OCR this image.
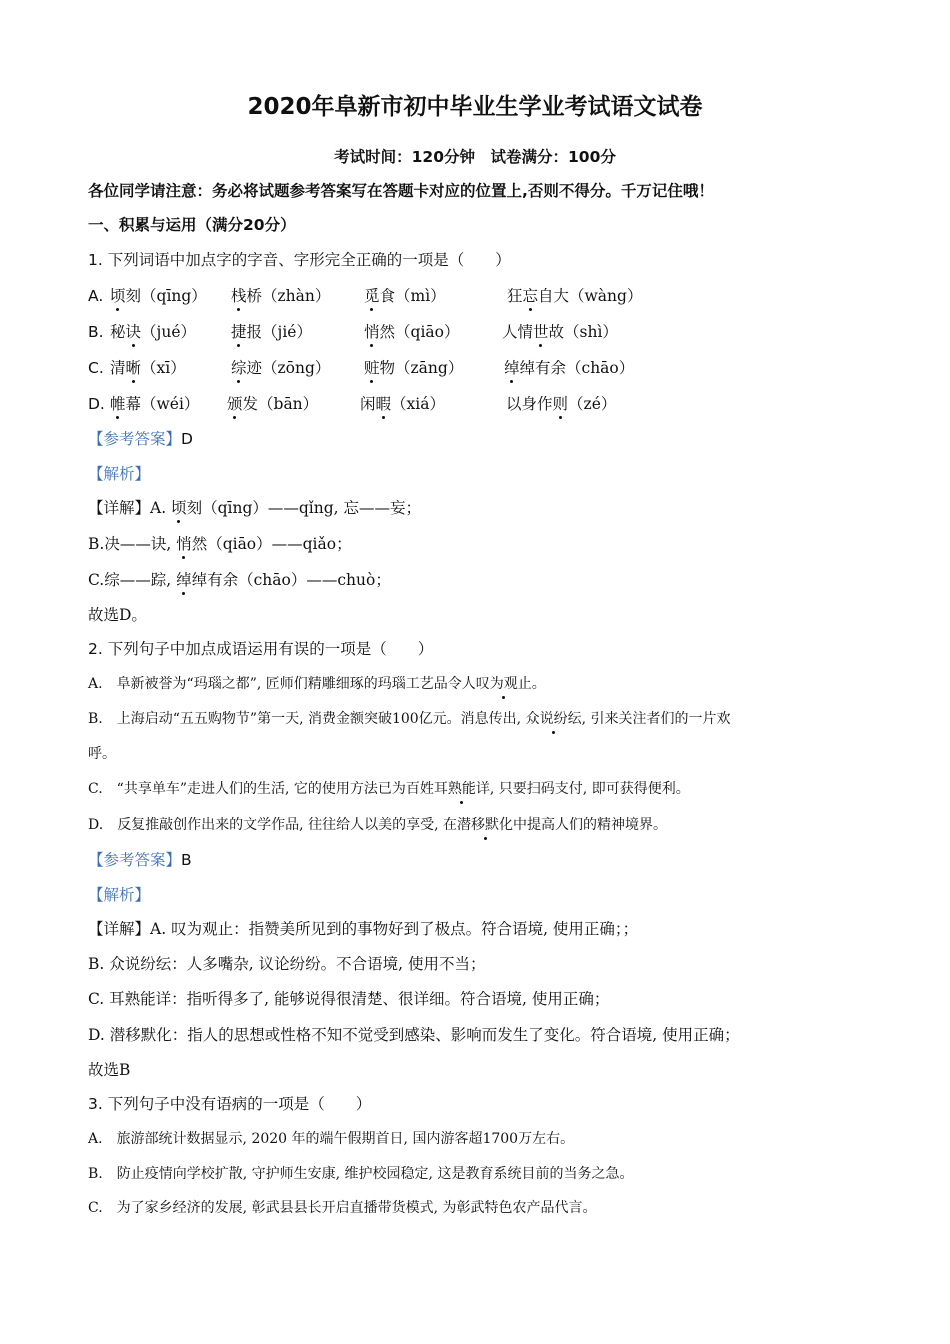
2020年阜新市初中毕业生学业考试语文试卷
考试时间：120分钟　试卷满分：100分
各位同学请注意：务必将试题参考答案写在答题卡对应的位置上,否则不得分。千万记住哦！
一、积累与运用（满分20分）
1. 下列词语中加点字的字音、字形完全正确的一项是（　　）
A. 顷刻（qīng） 栈桥（zhàn） 觅食（mì）	狂忘自大（wàng）
B. 秘诀（jué） 捷报（jié）	悄然（qiāo）	人情世故（shì）
C. 清晰（xī）	综迹（zōng） 赃物（zāng）	绰绰有余（chāo）
D. 帷幕（wéi） 颁发（bān）	闲暇（xiá）	以身作则（zé）
【参考答案】D
【解析】
【详解】A. 顷刻（qīng）——qǐng, 忘——妄；
B.决——诀, 悄然（qiāo）——qiǎo；
C.综——踪, 绰绰有余（chāo）——chuò；
故选D。
2. 下列句子中加点成语运用有误的一项是（　　）
A.　 阜新被誉为“玛瑙之都”, 匠师们精雕细琢的玛瑙工艺品令人叹为观止。
B.　 上海启动“五五购物节”第一天, 消费金额突破100亿元。消息传出, 众说纷纭, 引来关注者们的一片欢
呼。
C.　 “共享单车”走进人们的生活, 它的使用方法已为百姓耳熟能详, 只要扫码支付, 即可获得便利。
D.　 反复推敲创作出来的文学作品, 往往给人以美的享受, 在潜移默化中提高人们的精神境界。
【参考答案】B
【解析】
【详解】A. 叹为观止：指赞美所见到的事物好到了极点。符合语境, 使用正确；；
B. 众说纷纭：人多嘴杂, 议论纷纷。不合语境, 使用不当；
C. 耳熟能详：指听得多了, 能够说得很清楚、很详细。符合语境, 使用正确；
D. 潜移默化：指人的思想或性格不知不觉受到感染、影响而发生了变化。符合语境, 使用正确；
故选B
3. 下列句子中没有语病的一项是（　　）
A.　 旅游部统计数据显示, 2020 年的端午假期首日, 国内游客超1700万左右。
B.　 防止疫情向学校扩散, 守护师生安康, 维护校园稳定, 这是教育系统目前的当务之急。
C.　 为了家乡经济的发展, 彰武县县长开启直播带货模式, 为彰武特色农产品代言。
